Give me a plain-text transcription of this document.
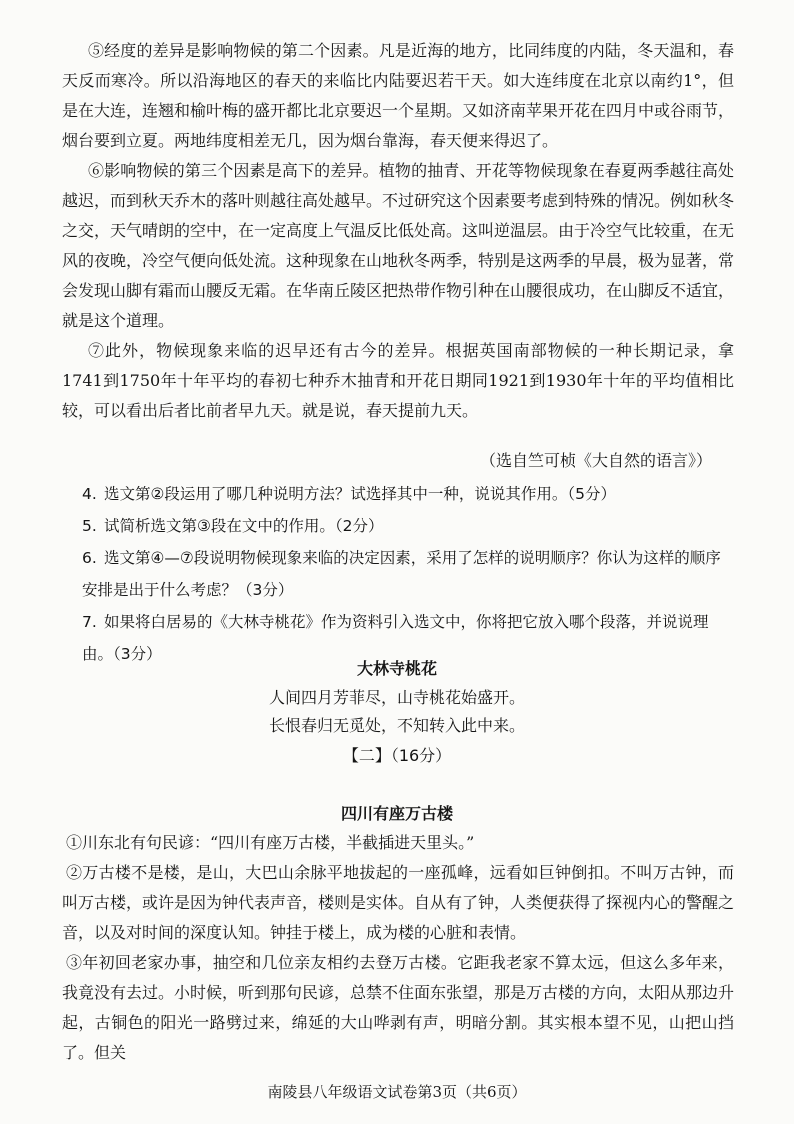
⑤经度的差异是影响物候的第二个因素。凡是近海的地方，比同纬度的内陆，冬天温和，春天反而寒冷。所以沿海地区的春天的来临比内陆要迟若干天。如大连纬度在北京以南约1°，但是在大连，连翘和榆叶梅的盛开都比北京要迟一个星期。又如济南苹果开花在四月中或谷雨节，烟台要到立夏。两地纬度相差无几，因为烟台靠海，春天便来得迟了。

⑥影响物候的第三个因素是高下的差异。植物的抽青、开花等物候现象在春夏两季越往高处越迟，而到秋天乔木的落叶则越往高处越早。不过研究这个因素要考虑到特殊的情况。例如秋冬之交，天气晴朗的空中，在一定高度上气温反比低处高。这叫逆温层。由于冷空气比较重，在无风的夜晚，冷空气便向低处流。这种现象在山地秋冬两季，特别是这两季的早晨，极为显著，常会发现山脚有霜而山腰反无霜。在华南丘陵区把热带作物引种在山腰很成功，在山脚反不适宜，就是这个道理。

⑦此外，物候现象来临的迟早还有古今的差异。根据英国南部物候的一种长期记录，拿1741到1750年十年平均的春初七种乔木抽青和开花日期同1921到1930年十年的平均值相比较，可以看出后者比前者早九天。就是说，春天提前九天。

（选自竺可桢《大自然的语言》）
4. 选文第②段运用了哪几种说明方法？试选择其中一种，说说其作用。（5分）
5. 试简析选文第③段在文中的作用。（2分）
6. 选文第④—⑦段说明物候现象来临的决定因素，采用了怎样的说明顺序？你认为这样的顺序安排是出于什么考虑？（3分）
7. 如果将白居易的《大林寺桃花》作为资料引入选文中，你将把它放入哪个段落，并说说理由。（3分）

大林寺桃花

人间四月芳菲尽，山寺桃花始盛开。

长恨春归无觅处，不知转入此中来。

【二】（16分）

四川有座万古楼

①川东北有句民谚：“四川有座万古楼，半截插进天里头。”

②万古楼不是楼，是山，大巴山余脉平地拔起的一座孤峰，远看如巨钟倒扣。不叫万古钟，而叫万古楼，或许是因为钟代表声音，楼则是实体。自从有了钟，人类便获得了探视内心的警醒之音，以及对时间的深度认知。钟挂于楼上，成为楼的心脏和表情。

③年初回老家办事，抽空和几位亲友相约去登万古楼。它距我老家不算太远，但这么多年来，我竟没有去过。小时候，听到那句民谚，总禁不住面东张望，那是万古楼的方向，太阳从那边升起，古铜色的阳光一路劈过来，绵延的大山哗剥有声，明暗分割。其实根本望不见，山把山挡了。但关

南陵县八年级语文试卷第3页（共6页）
